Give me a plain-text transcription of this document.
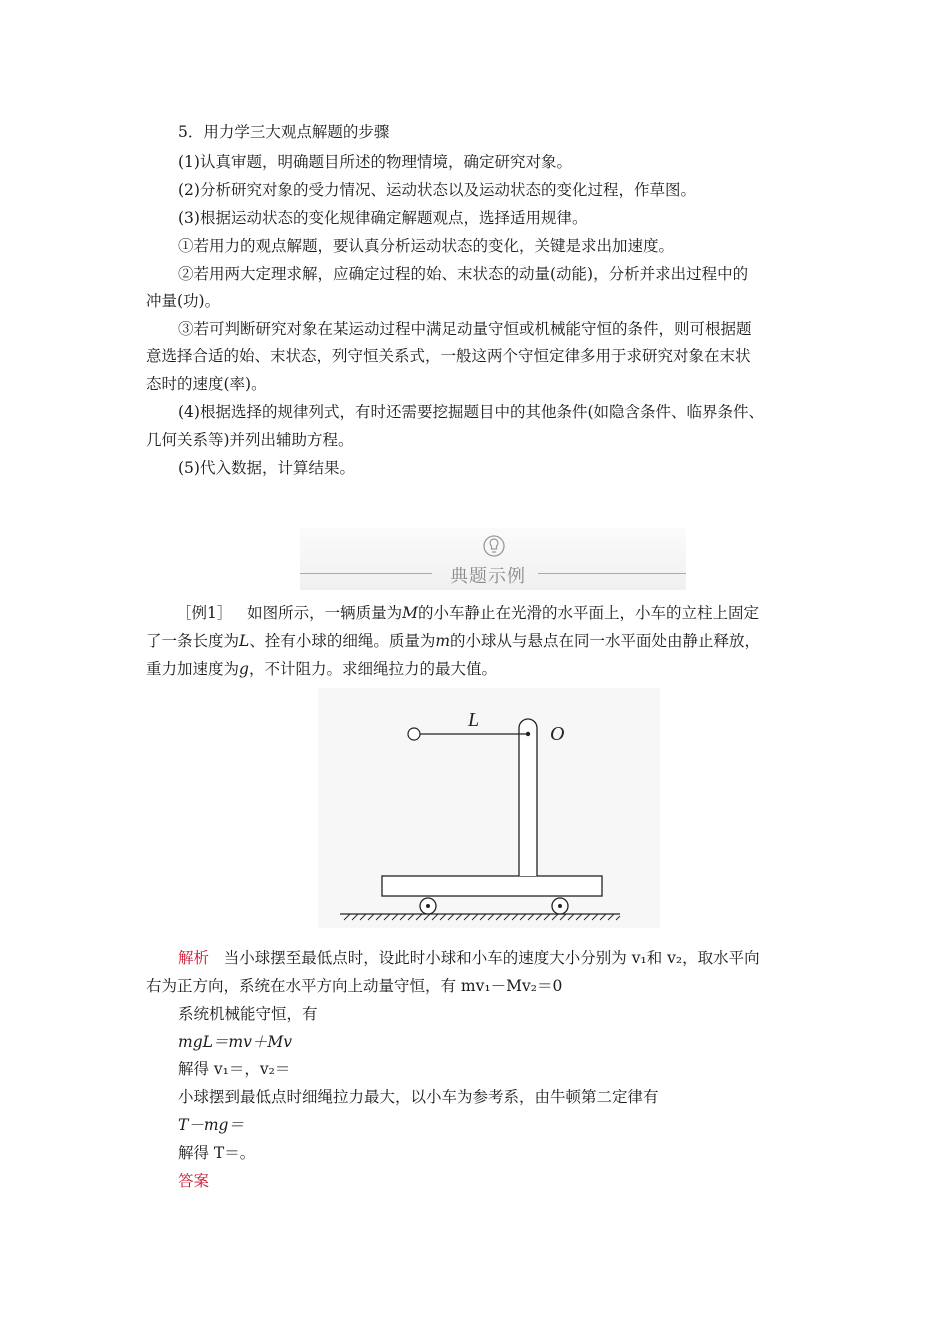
5．用力学三大观点解题的步骤
(1)认真审题，明确题目所述的物理情境，确定研究对象。
(2)分析研究对象的受力情况、运动状态以及运动状态的变化过程，作草图。
(3)根据运动状态的变化规律确定解题观点，选择适用规律。
①若用力的观点解题，要认真分析运动状态的变化，关键是求出加速度。
②若用两大定理求解，应确定过程的始、末状态的动量(动能)，分析并求出过程中的
冲量(功)。
③若可判断研究对象在某运动过程中满足动量守恒或机械能守恒的条件，则可根据题
意选择合适的始、末状态，列守恒关系式，一般这两个守恒定律多用于求研究对象在末状
态时的速度(率)。
(4)根据选择的规律列式，有时还需要挖掘题目中的其他条件(如隐含条件、临界条件、
几何关系等)并列出辅助方程。
(5)代入数据，计算结果。
典题示例
［例1］ 如图所示，一辆质量为M的小车静止在光滑的水平面上，小车的立柱上固定
了一条长度为L、拴有小球的细绳。质量为m的小球从与悬点在同一水平面处由静止释放，
重力加速度为g，不计阻力。求细绳拉力的最大值。
L
O
解析 当小球摆至最低点时，设此时小球和小车的速度大小分别为 v₁和 v₂，取水平向
右为正方向，系统在水平方向上动量守恒，有 mv₁－Mv₂＝0
系统机械能守恒，有
mgL＝mv＋Mv
解得 v₁＝，v₂＝
小球摆到最低点时细绳拉力最大，以小车为参考系，由牛顿第二定律有
T－mg＝
解得 T＝。
答案
